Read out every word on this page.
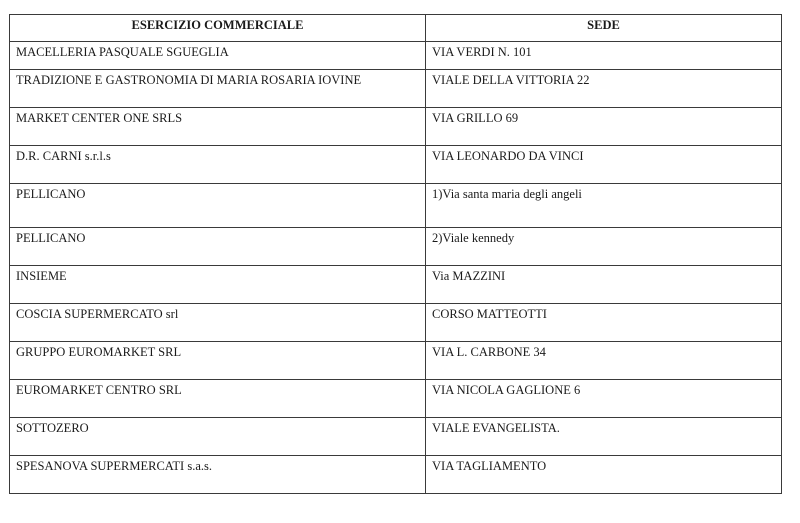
ESERCIZIO COMMERCIALE	SEDE
MACELLERIA PASQUALE SGUEGLIA	VIA VERDI N. 101
TRADIZIONE E GASTRONOMIA DI MARIA ROSARIA IOVINE	VIALE DELLA VITTORIA 22
MARKET CENTER ONE SRLS	VIA GRILLO 69
D.R. CARNI s.r.l.s	VIA LEONARDO DA VINCI
PELLICANO	1)Via santa maria degli angeli
PELLICANO	2)Viale kennedy
INSIEME	Via MAZZINI
COSCIA SUPERMERCATO srl	CORSO MATTEOTTI
GRUPPO EUROMARKET SRL	VIA L. CARBONE 34
EUROMARKET CENTRO SRL	VIA NICOLA GAGLIONE 6
SOTTOZERO	VIALE EVANGELISTA.
SPESANOVA SUPERMERCATI s.a.s.	VIA TAGLIAMENTO
